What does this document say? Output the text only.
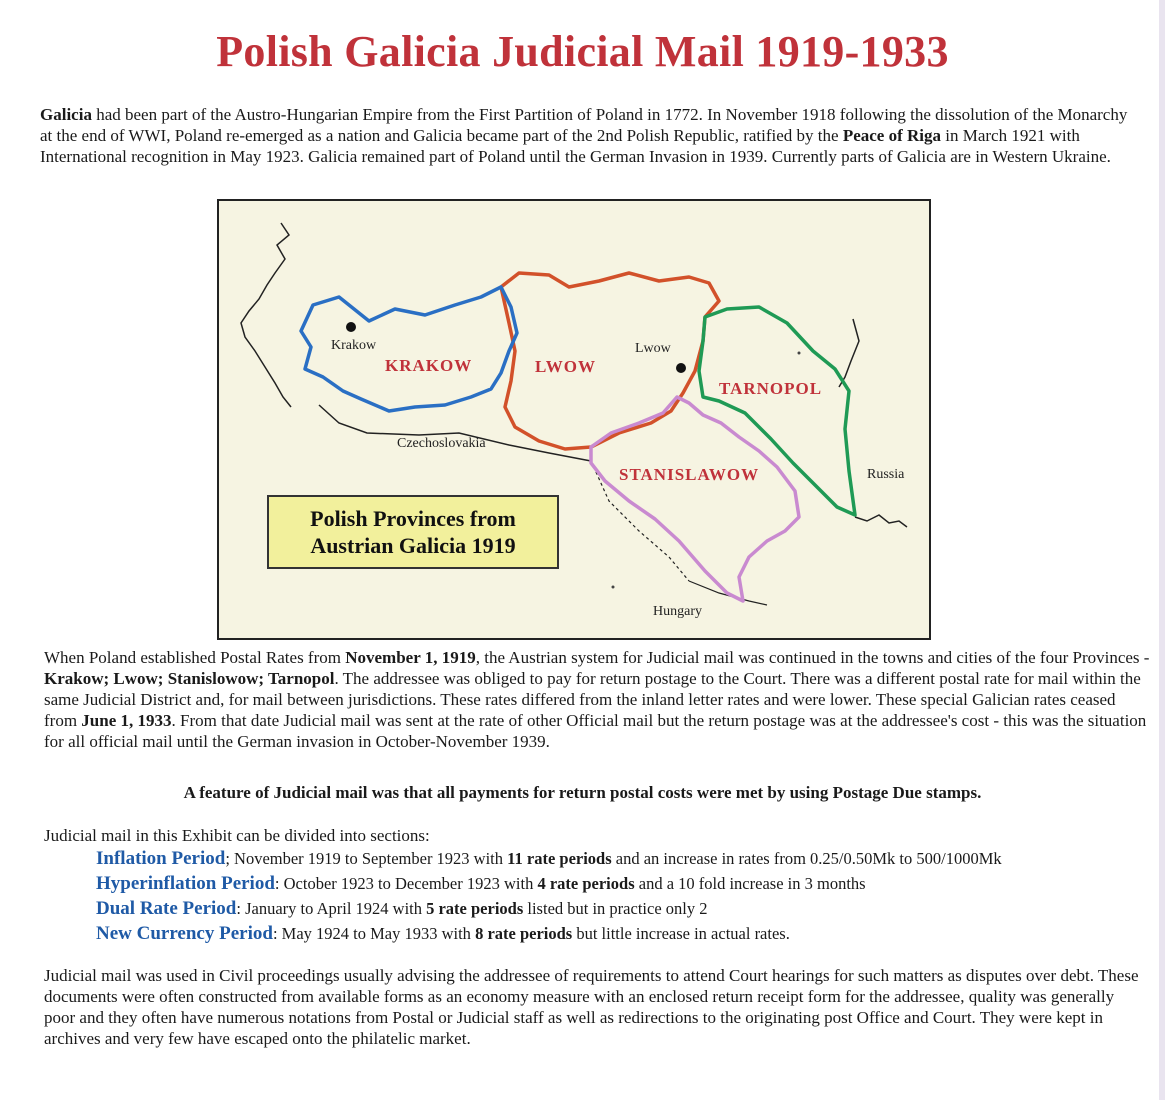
Polish Galicia Judicial Mail 1919-1933

Galicia had been part of the Austro-Hungarian Empire from the First Partition of Poland in 1772. In November 1918 following the dissolution of the Monarchy at the end of WWI, Poland re-emerged as a nation and Galicia became part of the 2nd Polish Republic, ratified by the Peace of Riga in March 1921 with International recognition in May 1923. Galicia remained part of Poland until the German Invasion in 1939. Currently parts of Galicia are in Western Ukraine.

Krakow	Lwow
KRAKOW	LWOW
TARNOPOL
STANISLAWOW
Czechoslovakia
Russia
Hungary
Polish Provinces from
Austrian Galicia 1919

When Poland established Postal Rates from November 1, 1919, the Austrian system for Judicial mail was continued in the towns and cities of the four Provinces - Krakow; Lwow; Stanislowow; Tarnopol. The addressee was obliged to pay for return postage to the Court. There was a different postal rate for mail within the same Judicial District and, for mail between jurisdictions. These rates differed from the inland letter rates and were lower. These special Galician rates ceased from June 1, 1933. From that date Judicial mail was sent at the rate of other Official mail but the return postage was at the addressee's cost - this was the situation for all official mail until the German invasion in October-November 1939.

A feature of Judicial mail was that all payments for return postal costs were met by using Postage Due stamps.

Judicial mail in this Exhibit can be divided into sections:

Inflation Period; November 1919 to September 1923 with 11 rate periods and an increase in rates from 0.25/0.50Mk to 500/1000Mk
Hyperinflation Period: October 1923 to December 1923 with 4 rate periods and a 10 fold increase in 3 months
Dual Rate Period: January to April 1924 with 5 rate periods listed but in practice only 2
New Currency Period: May 1924 to May 1933 with 8 rate periods but little increase in actual rates.

Judicial mail was used in Civil proceedings usually advising the addressee of requirements to attend Court hearings for such matters as disputes over debt. These documents were often constructed from available forms as an economy measure with an enclosed return receipt form for the addressee, quality was generally poor and they often have numerous notations from Postal or Judicial staff as well as redirections to the originating post Office and Court. They were kept in archives and very few have escaped onto the philatelic market.
